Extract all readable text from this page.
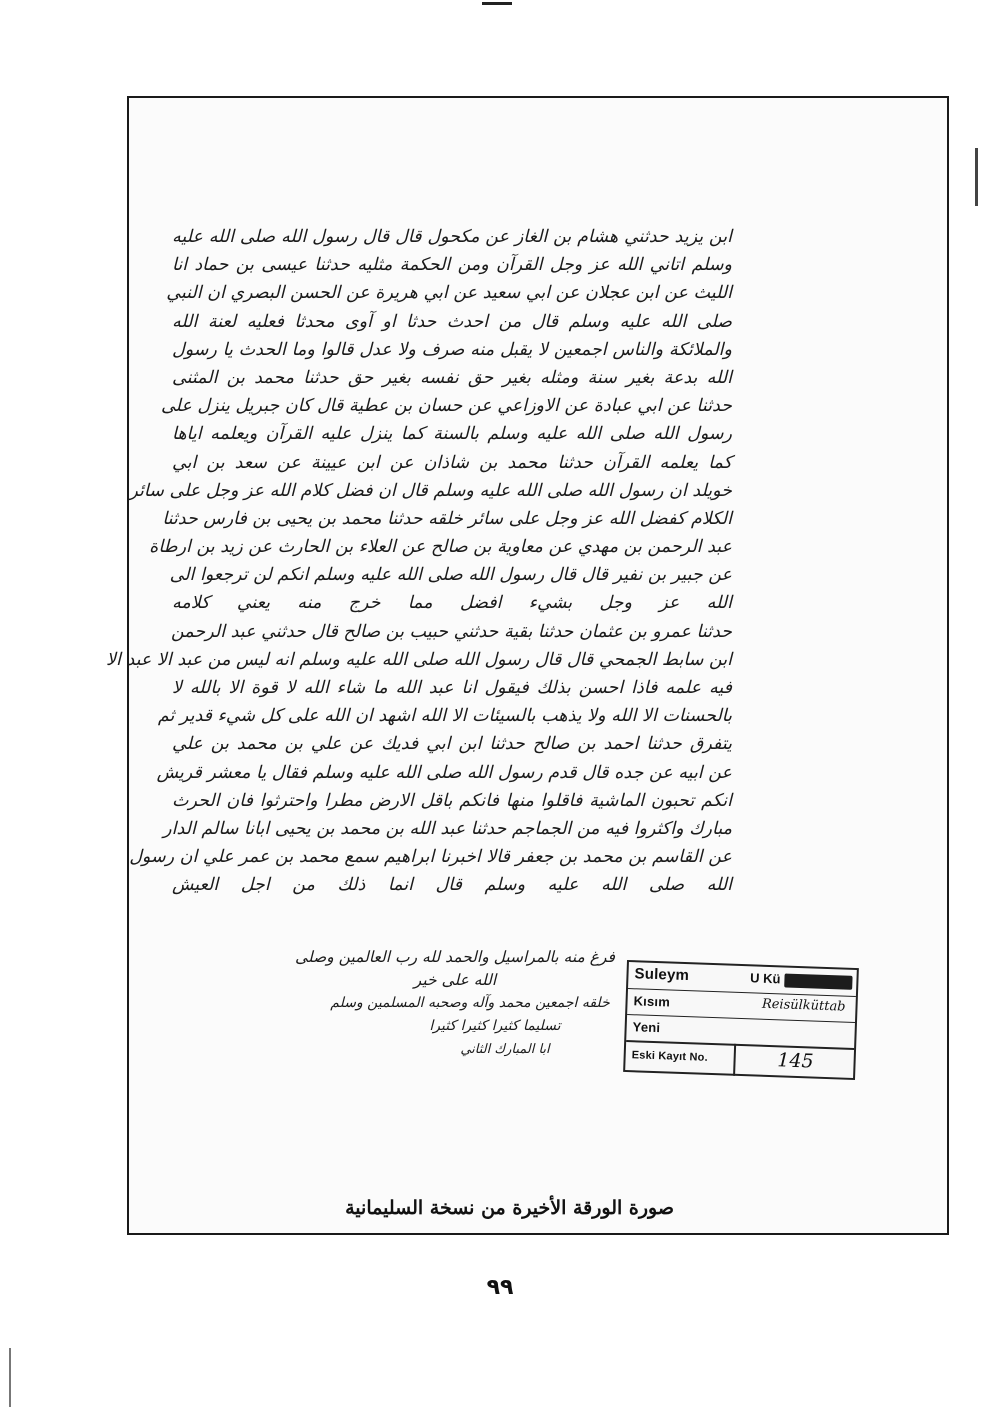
ابن يزيد حدثني هشام بن الغاز عن مكحول قال قال رسول الله صلى الله عليه
وسلم اتاني الله عز وجل القرآن ومن الحكمة مثليه حدثنا عيسى بن حماد انا
الليث عن ابن عجلان عن ابي سعيد عن ابي هريرة عن الحسن البصري ان النبي
صلى الله عليه وسلم قال من احدث حدثا او آوى محدثا فعليه لعنة الله
والملائكة والناس اجمعين لا يقبل منه صرف ولا عدل قالوا وما الحدث يا رسول
الله بدعة بغير سنة ومثله بغير حق نفسه بغير حق حدثنا محمد بن المثنى
حدثنا عن ابي عبادة عن الاوزاعي عن حسان بن عطية قال كان جبريل ينزل على
رسول الله صلى الله عليه وسلم بالسنة كما ينزل عليه القرآن ويعلمه اياها
كما يعلمه القرآن حدثنا محمد بن شاذان عن ابن عيينة عن سعد بن ابي
خويلد ان رسول الله صلى الله عليه وسلم قال ان فضل كلام الله عز وجل على سائر
الكلام كفضل الله عز وجل على سائر خلقه حدثنا محمد بن يحيى بن فارس حدثنا
عبد الرحمن بن مهدي عن معاوية بن صالح عن العلاء بن الحارث عن زيد بن ارطاة
عن جبير بن نفير قال قال رسول الله صلى الله عليه وسلم انكم لن ترجعوا الى
الله عز وجل بشيء افضل مما خرج منه يعني كلامه
حدثنا عمرو بن عثمان حدثنا بقية حدثني حبيب بن صالح قال حدثني عبد الرحمن
ابن سابط الجمحي قال قال رسول الله صلى الله عليه وسلم انه ليس من عبد الا عبد الا
فيه علمه فاذا احسن بذلك فيقول انا عبد الله ما شاء الله لا قوة الا بالله لا
بالحسنات الا الله ولا يذهب بالسيئات الا الله اشهد ان الله على كل شيء قدير ثم
يتفرق حدثنا احمد بن صالح حدثنا ابن ابي فديك عن علي بن محمد بن علي
عن ابيه عن جده قال قدم رسول الله صلى الله عليه وسلم فقال يا معشر قريش
انكم تحبون الماشية فاقلوا منها فانكم باقل الارض مطرا واحترثوا فان الحرث
مبارك واكثروا فيه من الجماجم حدثنا عبد الله بن محمد بن يحيى ابانا سالم الدار
عن القاسم بن محمد بن جعفر قالا اخبرنا ابراهيم سمع محمد بن عمر علي ان رسول
الله صلى الله عليه وسلم قال انما ذلك من اجل العيش
فرغ منه بالمراسيل والحمد لله رب العالمين وصلى الله على خير
خلقه اجمعين محمد وآله وصحبه المسلمين وسلم
تسليما كثيرا كثيرا كثيرا
ابا المبارك الثاني
Suleym	U Kü
Kısım	Reisülküttab
Yeni
Eski Kayıt No.	145
صورة الورقة الأخيرة من نسخة السليمانية
٩٩
